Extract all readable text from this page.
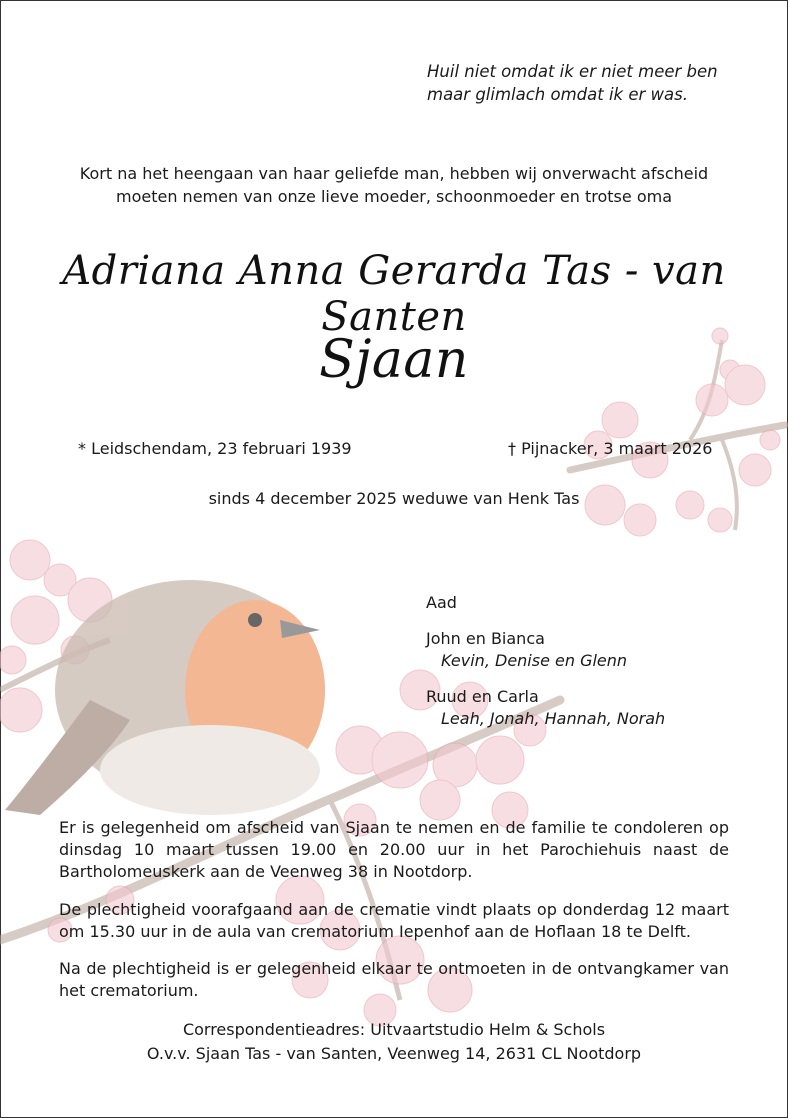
Huil niet omdat ik er niet meer ben
maar glimlach omdat ik er was.
Kort na het heengaan van haar geliefde man, hebben wij onverwacht afscheid
moeten nemen van onze lieve moeder, schoonmoeder en trotse oma
Adriana Anna Gerarda Tas - van Santen
Sjaan
* Leidschendam, 23 februari 1939	† Pijnacker, 3 maart 2026
sinds 4 december 2025 weduwe van Henk Tas
Aad
John en Bianca
Kevin, Denise en Glenn
Ruud en Carla
Leah, Jonah, Hannah, Norah
Er is gelegenheid om afscheid van Sjaan te nemen en de familie te condoleren op dinsdag 10 maart tussen 19.00 en 20.00 uur in het Parochiehuis naast de Bartholomeuskerk aan de Veenweg 38 in Nootdorp.
De plechtigheid voorafgaand aan de crematie vindt plaats op donderdag 12 maart om 15.30 uur in de aula van crematorium Iepenhof aan de Hoflaan 18 te Delft.
Na de plechtigheid is er gelegenheid elkaar te ontmoeten in de ontvangkamer van het crematorium.
Correspondentieadres: Uitvaartstudio Helm & Schols
O.v.v. Sjaan Tas - van Santen, Veenweg 14, 2631 CL Nootdorp
